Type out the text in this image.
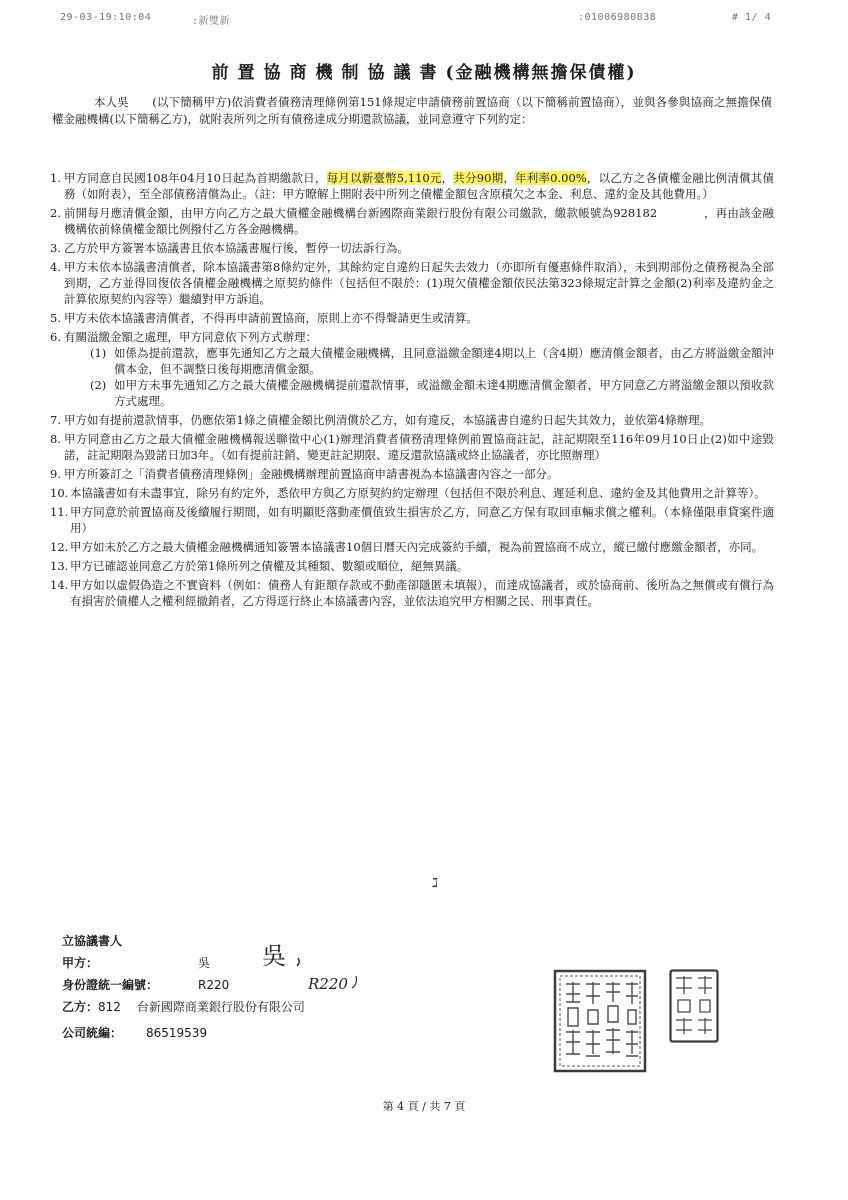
29-03-19:10:04	:新雙新	:01006980838	# 1/ 4
前置協商機制協議書(金融機構無擔保債權)
本人吳　　(以下簡稱甲方)依消費者債務清理條例第151條規定申請債務前置協商（以下簡稱前置協商），並與各參與協商之無擔保債權金融機構(以下簡稱乙方)，就附表所列之所有債務達成分期還款協議，並同意遵守下列約定：
1. 甲方同意自民國108年04月10日起為首期繳款日，每月以新臺幣5,110元，共分90期，年利率0.00%，以乙方之各債權金融比例清償其債務（如附表），至全部債務清償為止。（註：甲方瞭解上開附表中所列之債權金額包含原積欠之本金、利息、違約金及其他費用。）
2. 前開每月應清償金額，由甲方向乙方之最大債權金融機構台新國際商業銀行股份有限公司繳款，繳款帳號為928182　　　　，再由該金融機構依前條債權金額比例撥付乙方各金融機構。
3. 乙方於甲方簽署本協議書且依本協議書履行後，暫停一切法訴行為。
4. 甲方未依本協議書清償者，除本協議書第8條約定外，其餘約定自違約日起失去效力（亦即所有優惠條件取消），未到期部份之債務視為全部到期，乙方並得回復依各債權金融機構之原契約條件（包括但不限於：(1)現欠債權金額依民法第323條規定計算之金額(2)利率及違約金之計算依原契約內容等）繼續對甲方訴追。
5. 甲方未依本協議書清償者，不得再申請前置協商，原則上亦不得聲請更生或清算。
6. 有關溢繳金額之處理，甲方同意依下列方式辦理：
(1) 如係為提前還款，應事先通知乙方之最大債權金融機構，且同意溢繳金額達4期以上（含4期）應清償金額者，由乙方將溢繳金額沖償本金，但不調整日後每期應清償金額。
(2) 如甲方未事先通知乙方之最大債權金融機構提前還款情事，或溢繳金額未達4期應清償金額者，甲方同意乙方將溢繳金額以預收款方式處理。
7. 甲方如有提前還款情事，仍應依第1條之債權金額比例清償於乙方，如有違反，本協議書自違約日起失其效力，並依第4條辦理。
8. 甲方同意由乙方之最大債權金融機構報送聯徵中心(1)辦理消費者債務清理條例前置協商註記，註記期限至116年09月10日止(2)如中途毀諾，註記期限為毀諾日加3年。（如有提前註銷、變更註記期限、違反還款協議或終止協議者，亦比照辦理）
9. 甲方所簽訂之「消費者債務清理條例」金融機構辦理前置協商申請書視為本協議書內容之一部分。
10. 本協議書如有未盡事宜，除另有約定外，悉依甲方與乙方原契約約定辦理（包括但不限於利息、遲延利息、違約金及其他費用之計算等）。
11. 甲方同意於前置協商及後續履行期間，如有明顯貶落動產價值致生損害於乙方，同意乙方保有取回車輛求償之權利。（本條僅限車貸案件適用）
12. 甲方如未於乙方之最大債權金融機構通知簽署本協議書10個日曆天內完成簽約手續，視為前置協商不成立，縱已繳付應繳金額者，亦同。
13. 甲方已確認並同意乙方於第1條所列之債權及其種類、數額或順位，絕無異議。
14. 甲方如以虛假偽造之不實資料（例如：債務人有鉅額存款或不動產卻隱匿未填報），而達成協議者，或於協商前、後所為之無償或有償行為有損害於債權人之權利經撤銷者，乙方得逕行終止本協議書內容，並依法追究甲方相關之民、刑事責任。
ℷ
立協議書人
甲方：	吳 吳
身份證統一編號：	R220	R220
乙方：812 台新國際商業銀行股份有限公司
公司統編： 86519539
第 4 頁 / 共 7 頁
